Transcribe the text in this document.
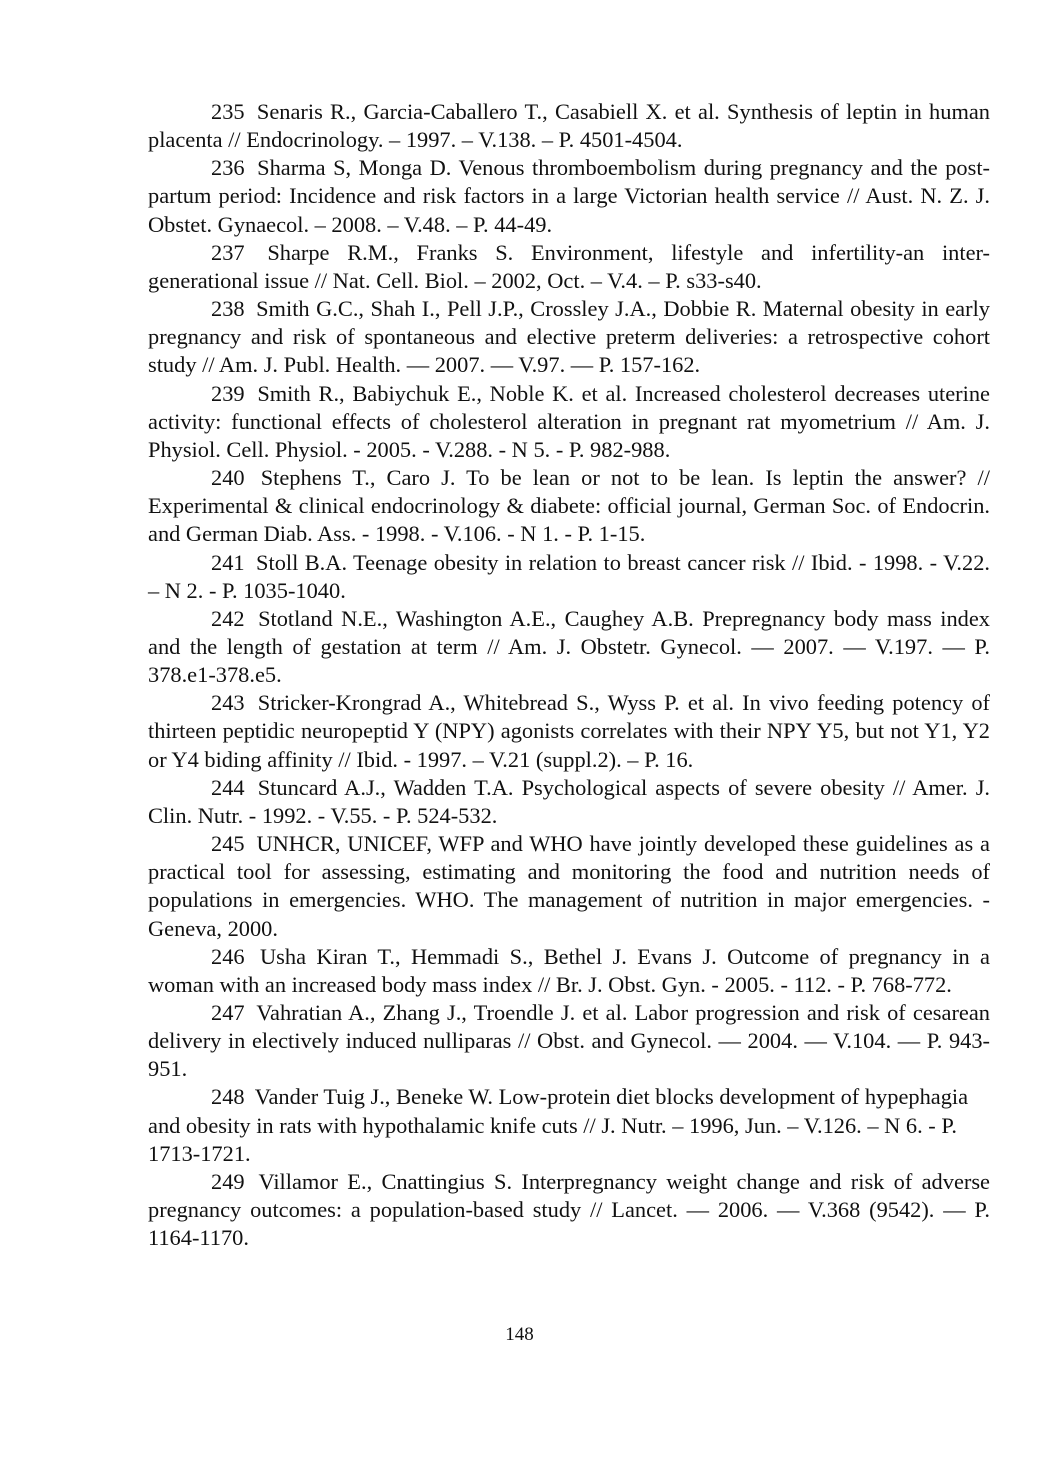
235 Senaris R., Garcia-Caballero T., Casabiell X. et al. Synthesis of leptin in human placenta // Endocrinology. – 1997. – V.138. – P. 4501-4504.

236 Sharma S, Monga D. Venous thromboembolism during pregnancy and the post-partum period: Incidence and risk factors in a large Victorian health service // Aust. N. Z. J. Obstet. Gynaecol. – 2008. – V.48. – P. 44-49.

237 Sharpe R.M., Franks S. Environment, lifestyle and infertility-an inter-generational issue // Nat. Cell. Biol. – 2002, Oct. – V.4. – P. s33-s40.

238 Smith G.C., Shah I., Pell J.P., Crossley J.A., Dobbie R. Maternal obesity in early pregnancy and risk of spontaneous and elective preterm deliveries: a retrospective cohort study // Am. J. Publ. Health. — 2007. — V.97. — P. 157-162.

239 Smith R., Babiychuk E., Noble K. et al. Increased cholesterol decreases uterine activity: functional effects of cholesterol alteration in pregnant rat myometrium // Am. J. Physiol. Cell. Physiol. - 2005. - V.288. - N 5. - P. 982-988.

240 Stephens T., Caro J. To be lean or not to be lean. Is leptin the answer? // Experimental & clinical endocrinology & diabete: official journal, German Soc. of Endocrin. and German Diab. Ass. - 1998. - V.106. - N 1. - P. 1-15.

241 Stoll B.A. Teenage obesity in relation to breast cancer risk // Ibid. - 1998. - V.22. – N 2. - P. 1035-1040.

242 Stotland N.E., Washington A.E., Caughey A.B. Prepregnancy body mass index and the length of gestation at term // Am. J. Obstetr. Gynecol. — 2007. — V.197. — P. 378.e1-378.e5.

243 Stricker-Krongrad A., Whitebread S., Wyss P. et al. In vivo feeding potency of thirteen peptidic neuropeptid Y (NPY) agonists correlates with their NPY Y5, but not Y1, Y2 or Y4 biding affinity // Ibid. - 1997. – V.21 (suppl.2). – P. 16.

244 Stuncard A.J., Wadden T.A. Psychological aspects of severe obesity // Amer. J. Clin. Nutr. - 1992. - V.55. - P. 524-532.

245 UNHCR, UNICEF, WFP and WHO have jointly developed these guidelines as a practical tool for assessing, estimating and monitoring the food and nutrition needs of populations in emergencies. WHO. The management of nutrition in major emergencies. - Geneva, 2000.

246 Usha Kiran T., Hemmadi S., Bethel J. Evans J. Outcome of pregnancy in a woman with an increased body mass index // Br. J. Obst. Gyn. - 2005. - 112. - P. 768-772.

247 Vahratian A., Zhang J., Troendle J. et al. Labor progression and risk of cesarean delivery in electively induced nulliparas // Obst. and Gynecol. — 2004. — V.104. — P. 943-951.

248 Vander Tuig J., Beneke W. Low-protein diet blocks development of hypephagia and obesity in rats with hypothalamic knife cuts // J. Nutr. – 1996, Jun. – V.126. – N 6. - P. 1713-1721.

249 Villamor E., Cnattingius S. Interpregnancy weight change and risk of adverse pregnancy outcomes: a population-based study // Lancet. — 2006. — V.368 (9542). — P. 1164-1170.

148
